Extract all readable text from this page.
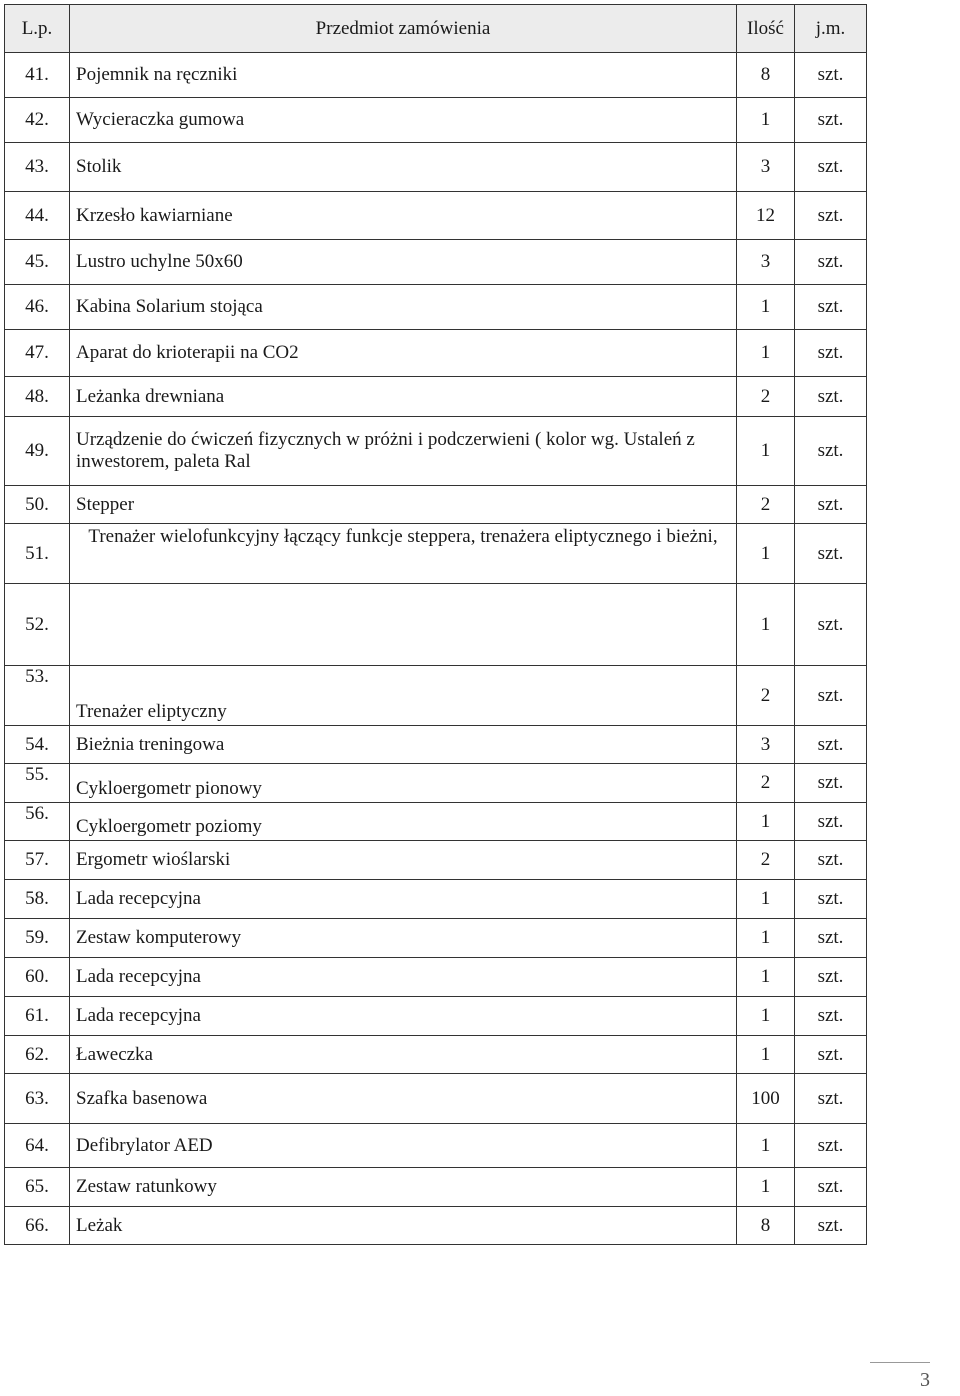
L.p.	Przedmiot zamówienia	Ilość	j.m.
41.	Pojemnik na ręczniki	8	szt.
42.	Wycieraczka gumowa	1	szt.
43.	Stolik	3	szt.
44.	Krzesło kawiarniane	12	szt.
45.	Lustro uchylne 50x60	3	szt.
46.	Kabina Solarium stojąca	1	szt.
47.	Aparat do krioterapii na CO2	1	szt.
48.	Leżanka drewniana	2	szt.
49.	Urządzenie do ćwiczeń fizycznych w próżni i podczerwieni ( kolor wg. Ustaleń z inwestorem, paleta Ral	1	szt.
50.	Stepper	2	szt.
51.	Trenażer wielofunkcyjny łączący funkcje steppera, trenażera eliptycznego i bieżni,	1	szt.
52.		1	szt.
53.	Trenażer eliptyczny	2	szt.
54.	Bieżnia treningowa	3	szt.
55.	Cykloergometr pionowy	2	szt.
56.	Cykloergometr poziomy	1	szt.
57.	Ergometr wioślarski	2	szt.
58.	Lada recepcyjna	1	szt.
59.	Zestaw komputerowy	1	szt.
60.	Lada recepcyjna	1	szt.
61.	Lada recepcyjna	1	szt.
62.	Ławeczka	1	szt.
63.	Szafka basenowa	100	szt.
64.	Defibrylator AED	1	szt.
65.	Zestaw ratunkowy	1	szt.
66.	Leżak	8	szt.
3
